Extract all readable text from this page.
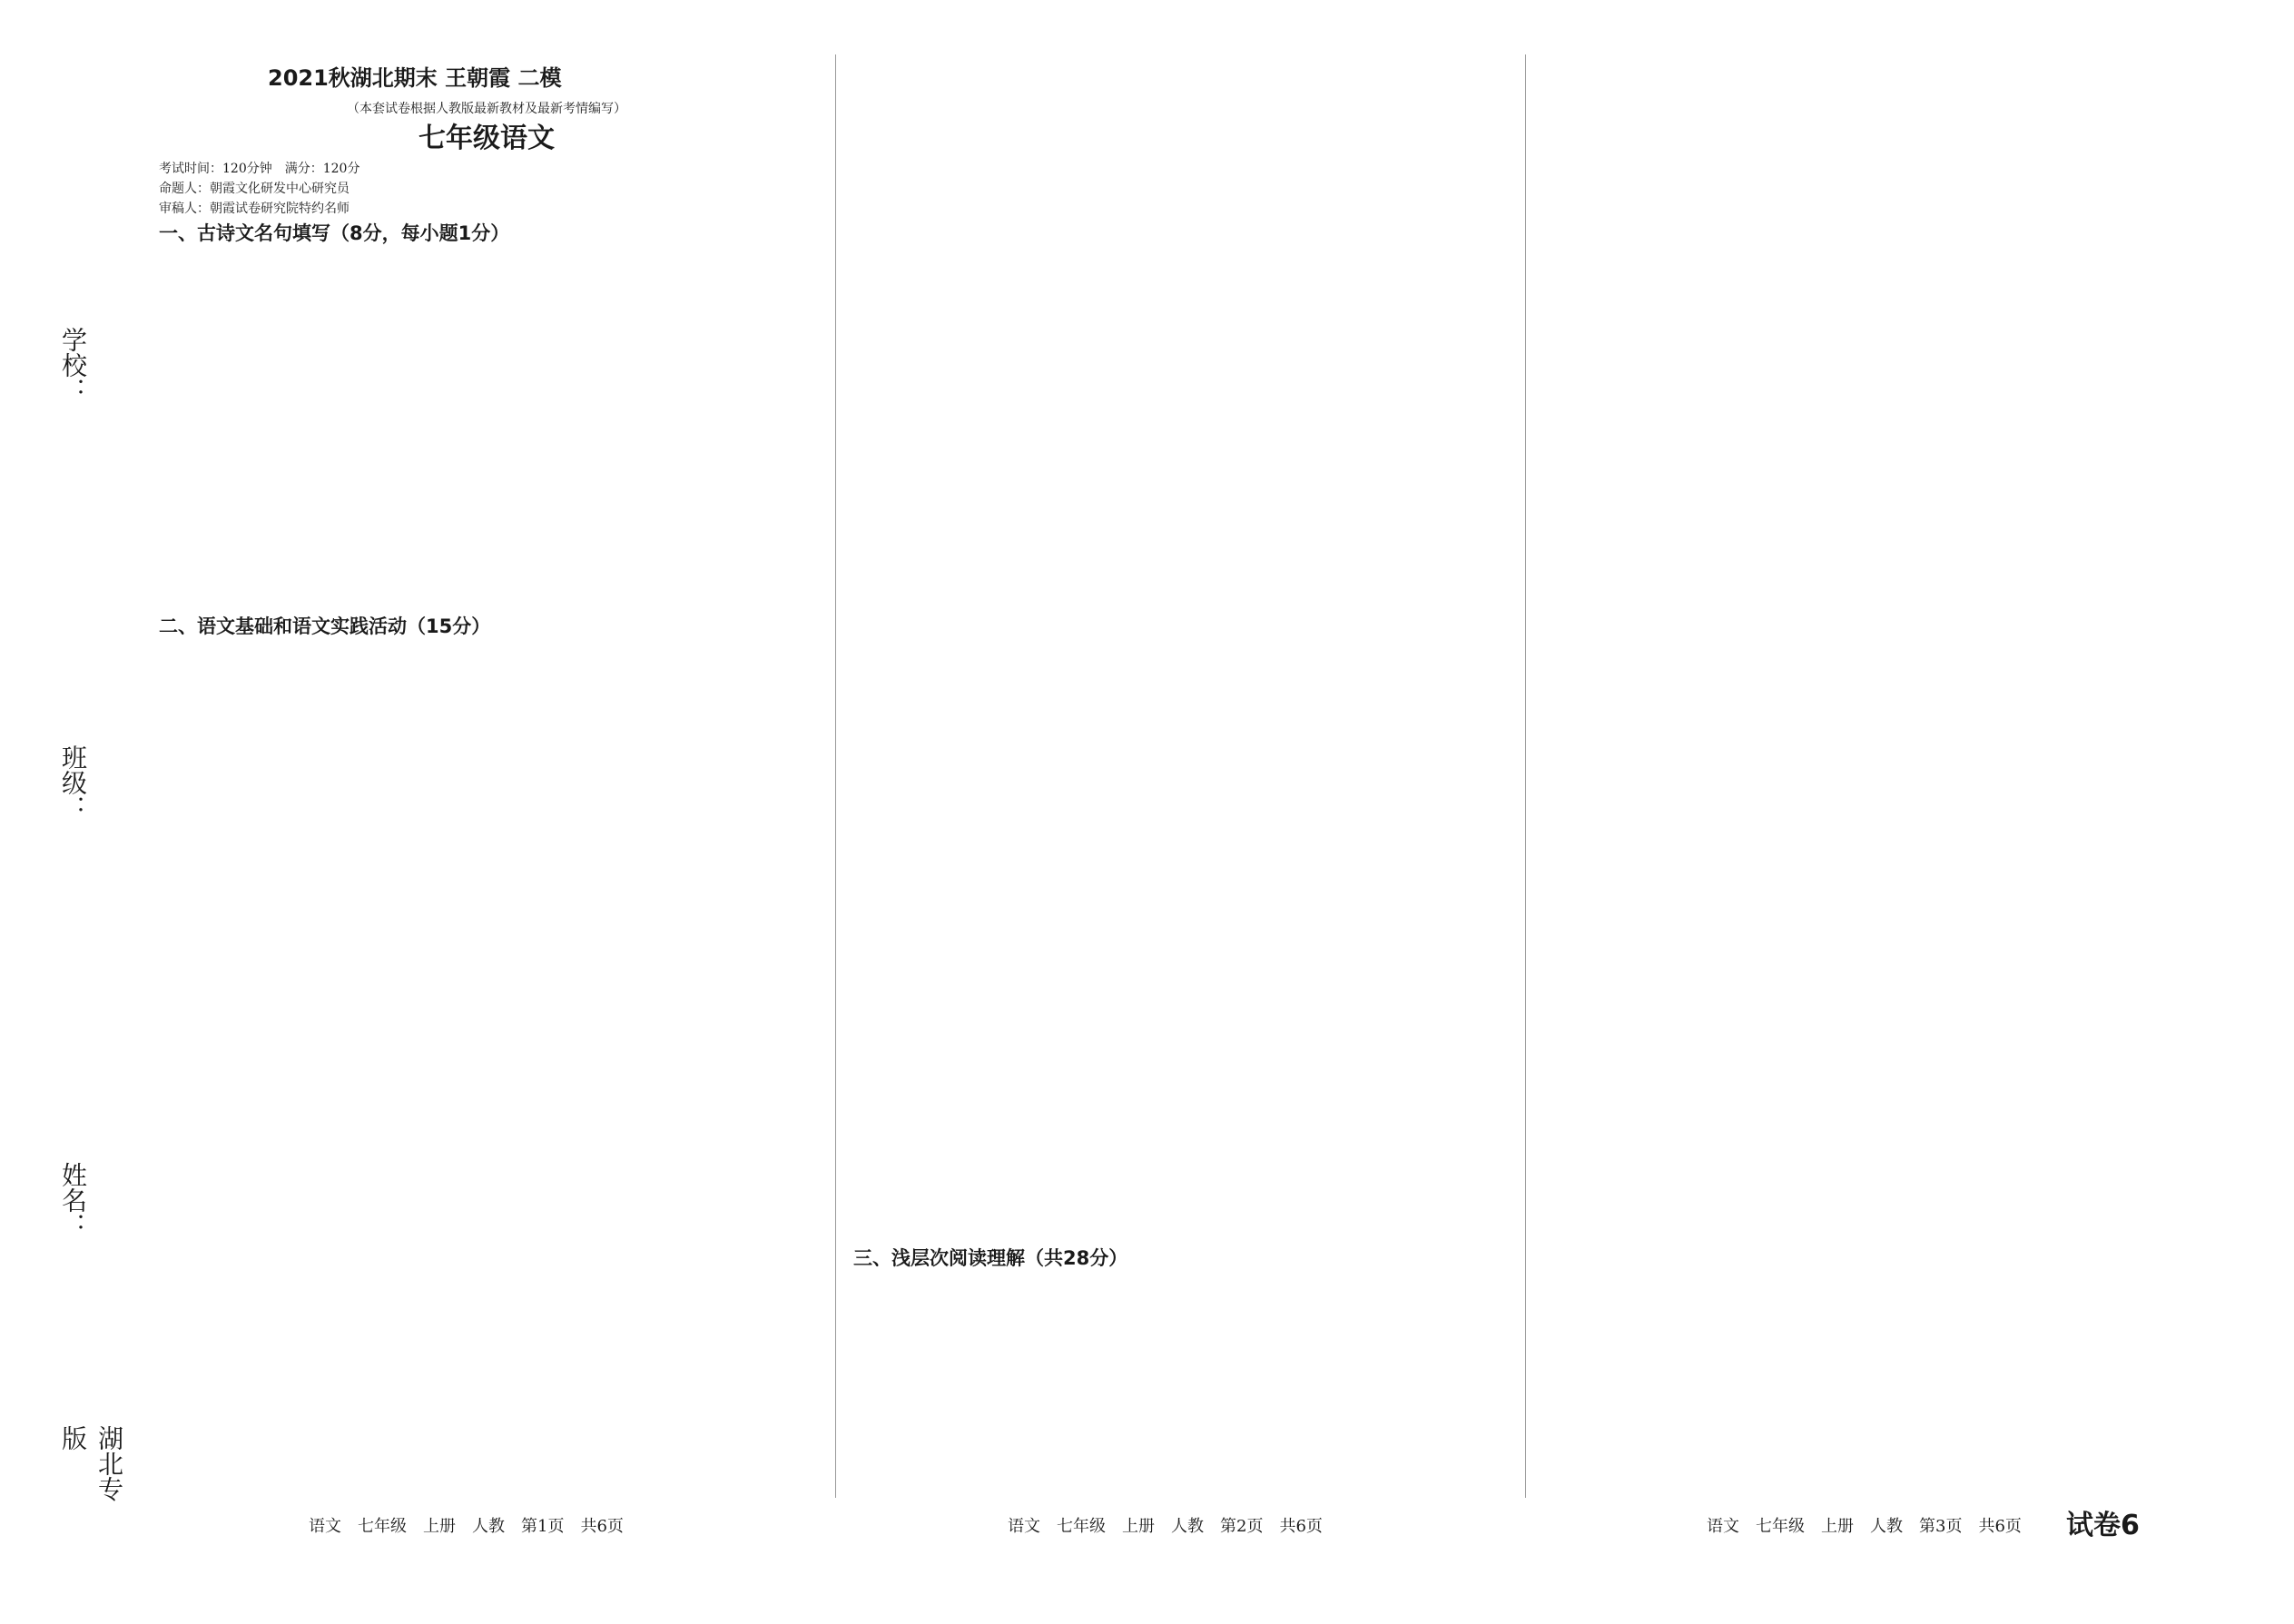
学校：
班级：
姓名：
湖北专版

2021秋湖北期末 王朝霞 二模

（本套试卷根据人教版最新教材及最新考情编写）

七年级语文

考试时间：120分钟　满分：120分

命题人：朝霞文化研发中心研究员

审稿人：朝霞试卷研究院特约名师

一、古诗文名句填写（8分，每小题1分）

二、语文基础和语文实践活动（15分）

三、浅层次阅读理解（共28分）

语文　七年级　上册　人教　第1页　共6页	语文　七年级　上册　人教　第2页　共6页	语文　七年级　上册　人教　第3页　共6页 试卷6
